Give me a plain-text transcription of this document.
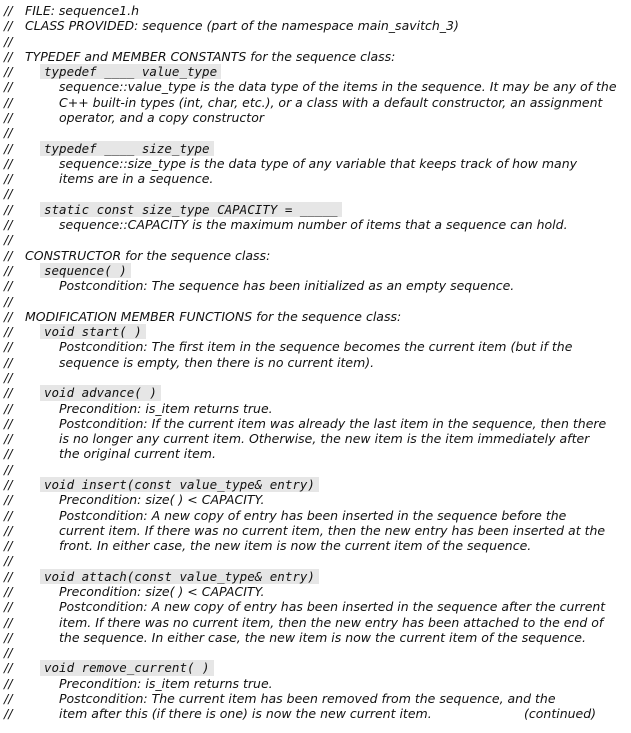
// FILE: sequence1.h
// CLASS PROVIDED: sequence (part of the namespace main_savitch_3)
//
// TYPEDEF and MEMBER CONSTANTS for the sequence class:
//	typedef ____ value_type
//	sequence::value_type is the data type of the items in the sequence. It may be any of the
//	C++ built-in types (int, char, etc.), or a class with a default constructor, an assignment
//	operator, and a copy constructor
//
//	typedef ____ size_type
//	sequence::size_type is the data type of any variable that keeps track of how many
//	items are in a sequence.
//
//	static const size_type CAPACITY = _____
//	sequence::CAPACITY is the maximum number of items that a sequence can hold.
//
// CONSTRUCTOR for the sequence class:
//	sequence( )
//	Postcondition: The sequence has been initialized as an empty sequence.
//
// MODIFICATION MEMBER FUNCTIONS for the sequence class:
//	void start( )
//	Postcondition: The first item in the sequence becomes the current item (but if the
//	sequence is empty, then there is no current item).
//
//	void advance( )
//	Precondition: is_item returns true.
//	Postcondition: If the current item was already the last item in the sequence, then there
//	is no longer any current item. Otherwise, the new item is the item immediately after
//	the original current item.
//
//	void insert(const value_type& entry)
//	Precondition: size( ) < CAPACITY.
//	Postcondition: A new copy of entry has been inserted in the sequence before the
//	current item. If there was no current item, then the new entry has been inserted at the
//	front. In either case, the new item is now the current item of the sequence.
//
//	void attach(const value_type& entry)
//	Precondition: size( ) < CAPACITY.
//	Postcondition: A new copy of entry has been inserted in the sequence after the current
//	item. If there was no current item, then the new entry has been attached to the end of
//	the sequence. In either case, the new item is now the current item of the sequence.
//
//	void remove_current( )
//	Precondition: is_item returns true.
//	Postcondition: The current item has been removed from the sequence, and the
//	item after this (if there is one) is now the new current item.	(continued)
